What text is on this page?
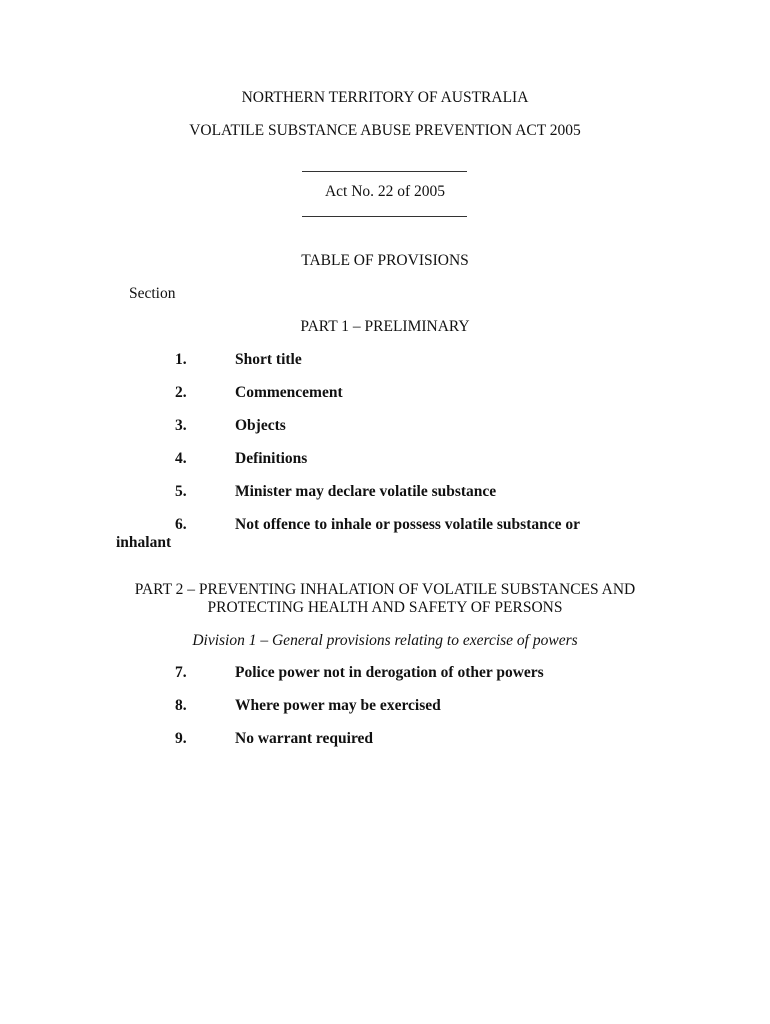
NORTHERN TERRITORY OF AUSTRALIA
VOLATILE SUBSTANCE ABUSE PREVENTION ACT 2005
Act No. 22 of 2005
TABLE OF PROVISIONS
Section
PART 1 – PRELIMINARY
1.	Short title
2.	Commencement
3.	Objects
4.	Definitions
5.	Minister may declare volatile substance
6.	Not offence to inhale or possess volatile substance or
inhalant
PART 2 – PREVENTING INHALATION OF VOLATILE SUBSTANCES AND PROTECTING HEALTH AND SAFETY OF PERSONS
Division 1 – General provisions relating to exercise of powers
7.	Police power not in derogation of other powers
8.	Where power may be exercised
9.	No warrant required
